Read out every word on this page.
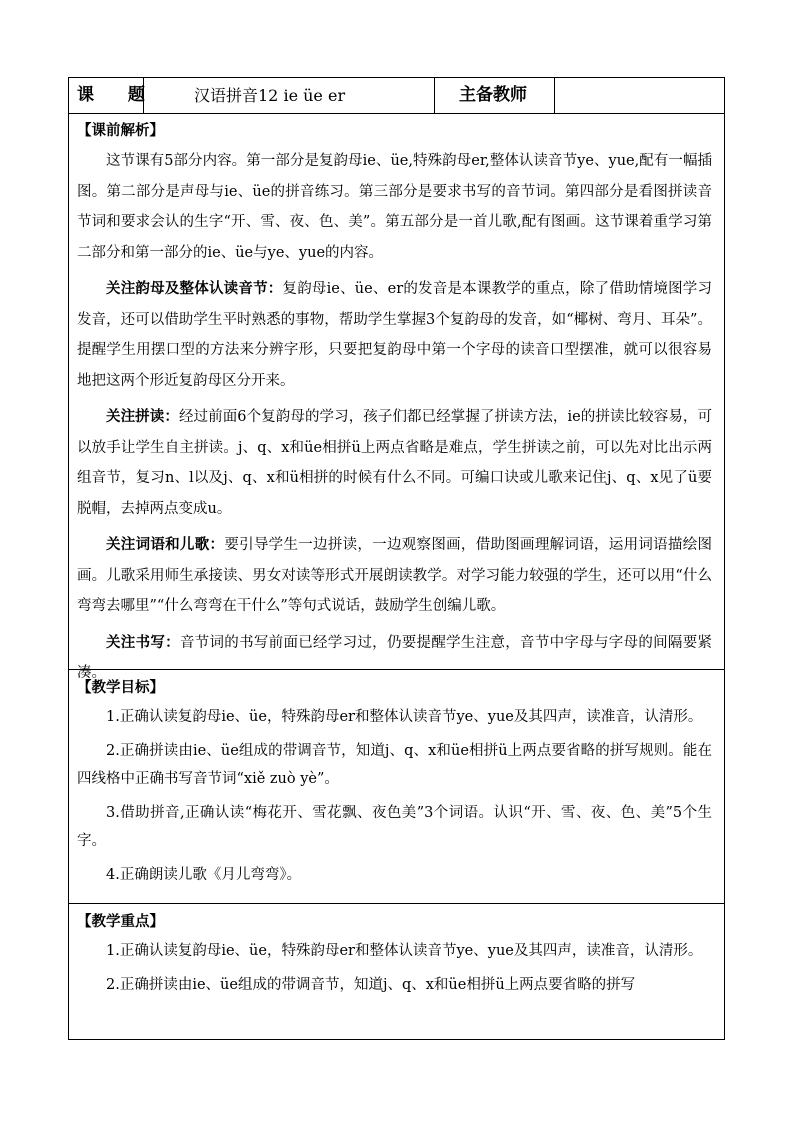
课 题	汉语拼音12 ie üe er	主备教师
【课前解析】

这节课有5部分内容。第一部分是复韵母ie、üe,特殊韵母er,整体认读音节ye、yue,配有一幅插图。第二部分是声母与ie、üe的拼音练习。第三部分是要求书写的音节词。第四部分是看图拼读音节词和要求会认的生字“开、雪、夜、色、美”。第五部分是一首儿歌,配有图画。这节课着重学习第二部分和第一部分的ie、üe与ye、yue的内容。

关注韵母及整体认读音节：复韵母ie、üe、er的发音是本课教学的重点，除了借助情境图学习发音，还可以借助学生平时熟悉的事物，帮助学生掌握3个复韵母的发音，如“椰树、弯月、耳朵”。提醒学生用摆口型的方法来分辨字形，只要把复韵母中第一个字母的读音口型摆准，就可以很容易地把这两个形近复韵母区分开来。

关注拼读：经过前面6个复韵母的学习，孩子们都已经掌握了拼读方法，ie的拼读比较容易，可以放手让学生自主拼读。j、q、x和üe相拼ü上两点省略是难点，学生拼读之前，可以先对比出示两组音节，复习n、l以及j、q、x和ü相拼的时候有什么不同。可编口诀或儿歌来记住j、q、x见了ü要脱帽，去掉两点变成u。

关注词语和儿歌：要引导学生一边拼读，一边观察图画，借助图画理解词语，运用词语描绘图画。儿歌采用师生承接读、男女对读等形式开展朗读教学。对学习能力较强的学生，还可以用“什么弯弯去哪里”“什么弯弯在干什么”等句式说话，鼓励学生创编儿歌。

关注书写：音节词的书写前面已经学习过，仍要提醒学生注意，音节中字母与字母的间隔要紧凑。

【教学目标】

1.正确认读复韵母ie、üe，特殊韵母er和整体认读音节ye、yue及其四声，读准音，认清形。

2.正确拼读由ie、üe组成的带调音节，知道j、q、x和üe相拼ü上两点要省略的拼写规则。能在四线格中正确书写音节词“xiě zuò yè”。

3.借助拼音,正确认读“梅花开、雪花飘、夜色美”3个词语。认识“开、雪、夜、色、美”5个生字。

4.正确朗读儿歌《月儿弯弯》。

【教学重点】

1.正确认读复韵母ie、üe，特殊韵母er和整体认读音节ye、yue及其四声，读准音，认清形。

2.正确拼读由ie、üe组成的带调音节，知道j、q、x和üe相拼ü上两点要省略的拼写
